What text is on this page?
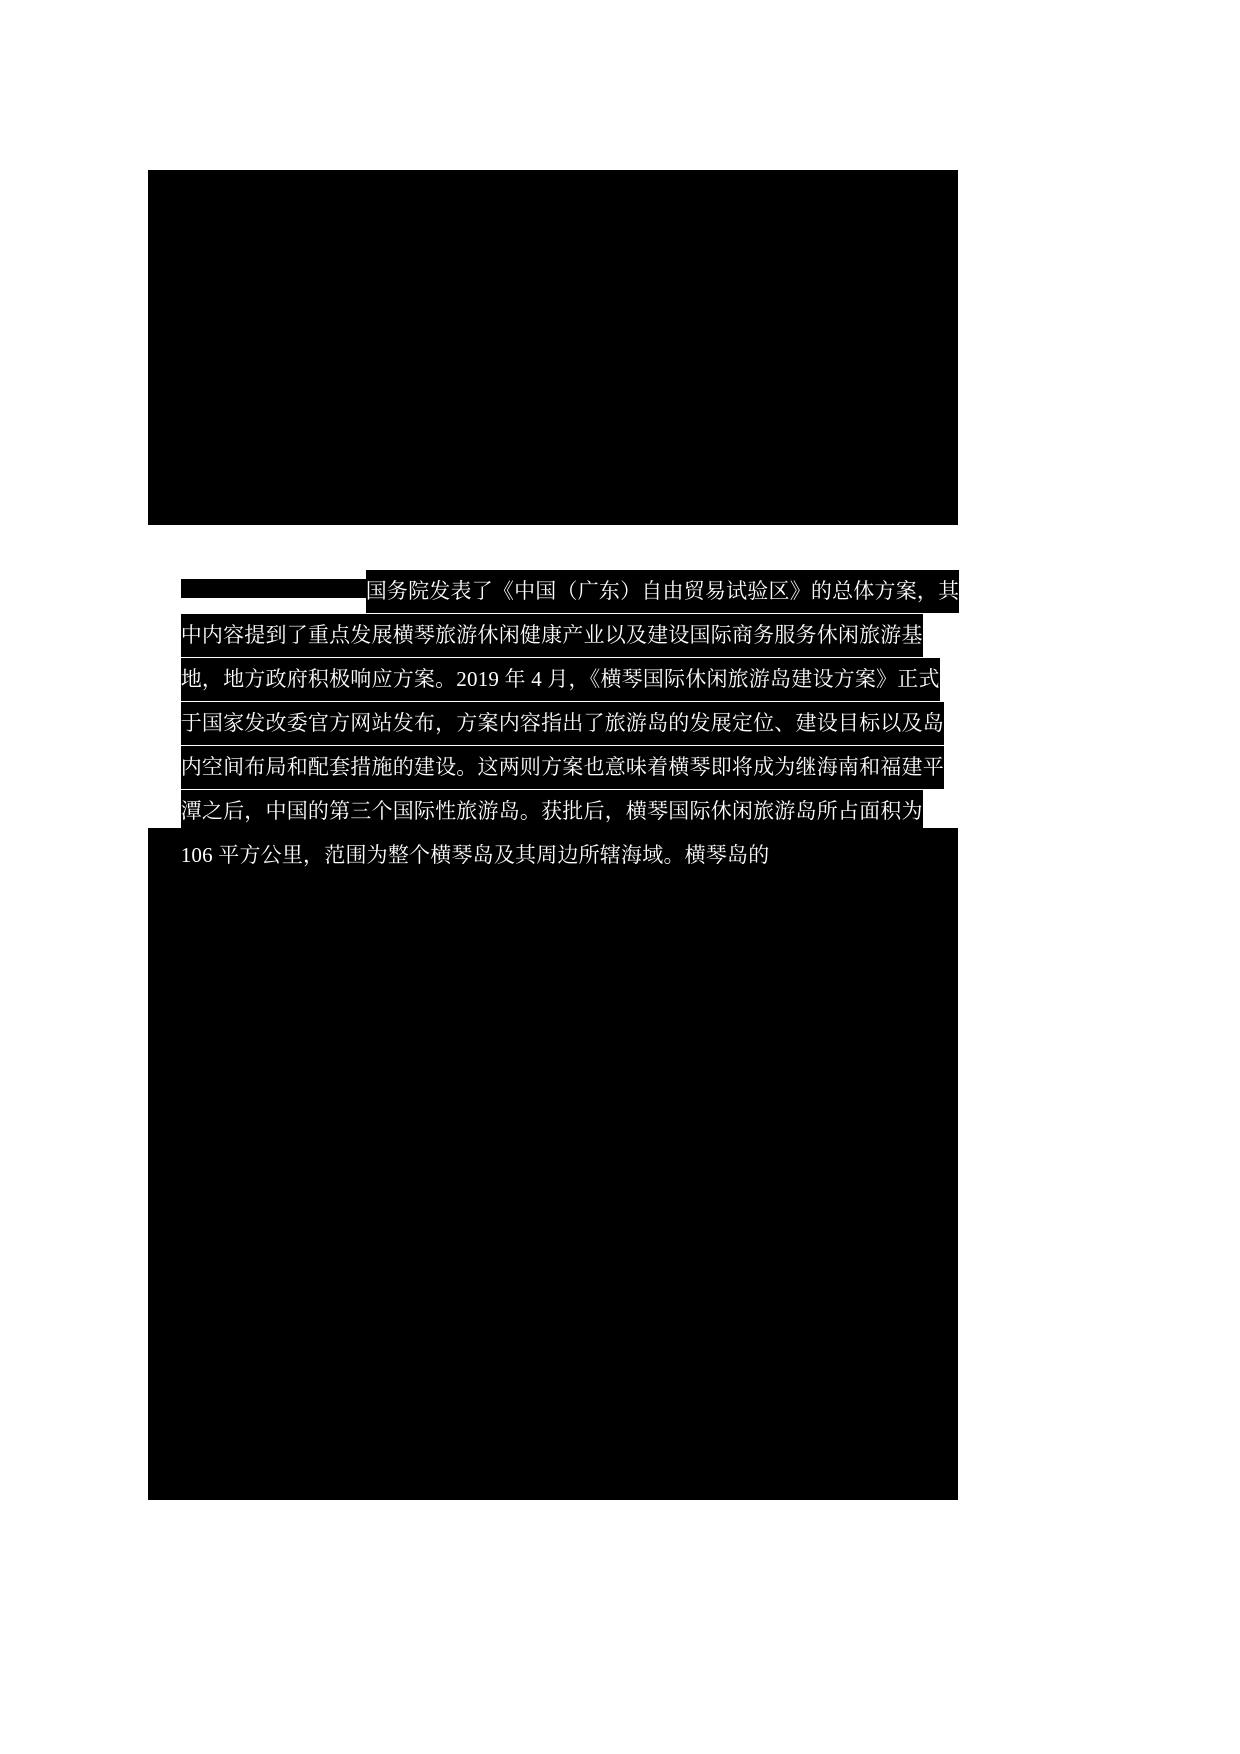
国务院发表了《中国（广东）自由贸易试验区》的总体方案，其

中内容提到了重点发展横琴旅游休闲健康产业以及建设国际商务服务休闲旅游基

地，地方政府积极响应方案。2019 年 4 月，《横琴国际休闲旅游岛建设方案》正式

于国家发改委官方网站发布，方案内容指出了旅游岛的发展定位、建设目标以及岛

内空间布局和配套措施的建设。这两则方案也意味着横琴即将成为继海南和福建平

潭之后，中国的第三个国际性旅游岛。获批后，横琴国际休闲旅游岛所占面积为

106 平方公里，范围为整个横琴岛及其周边所辖海域。横琴岛的
